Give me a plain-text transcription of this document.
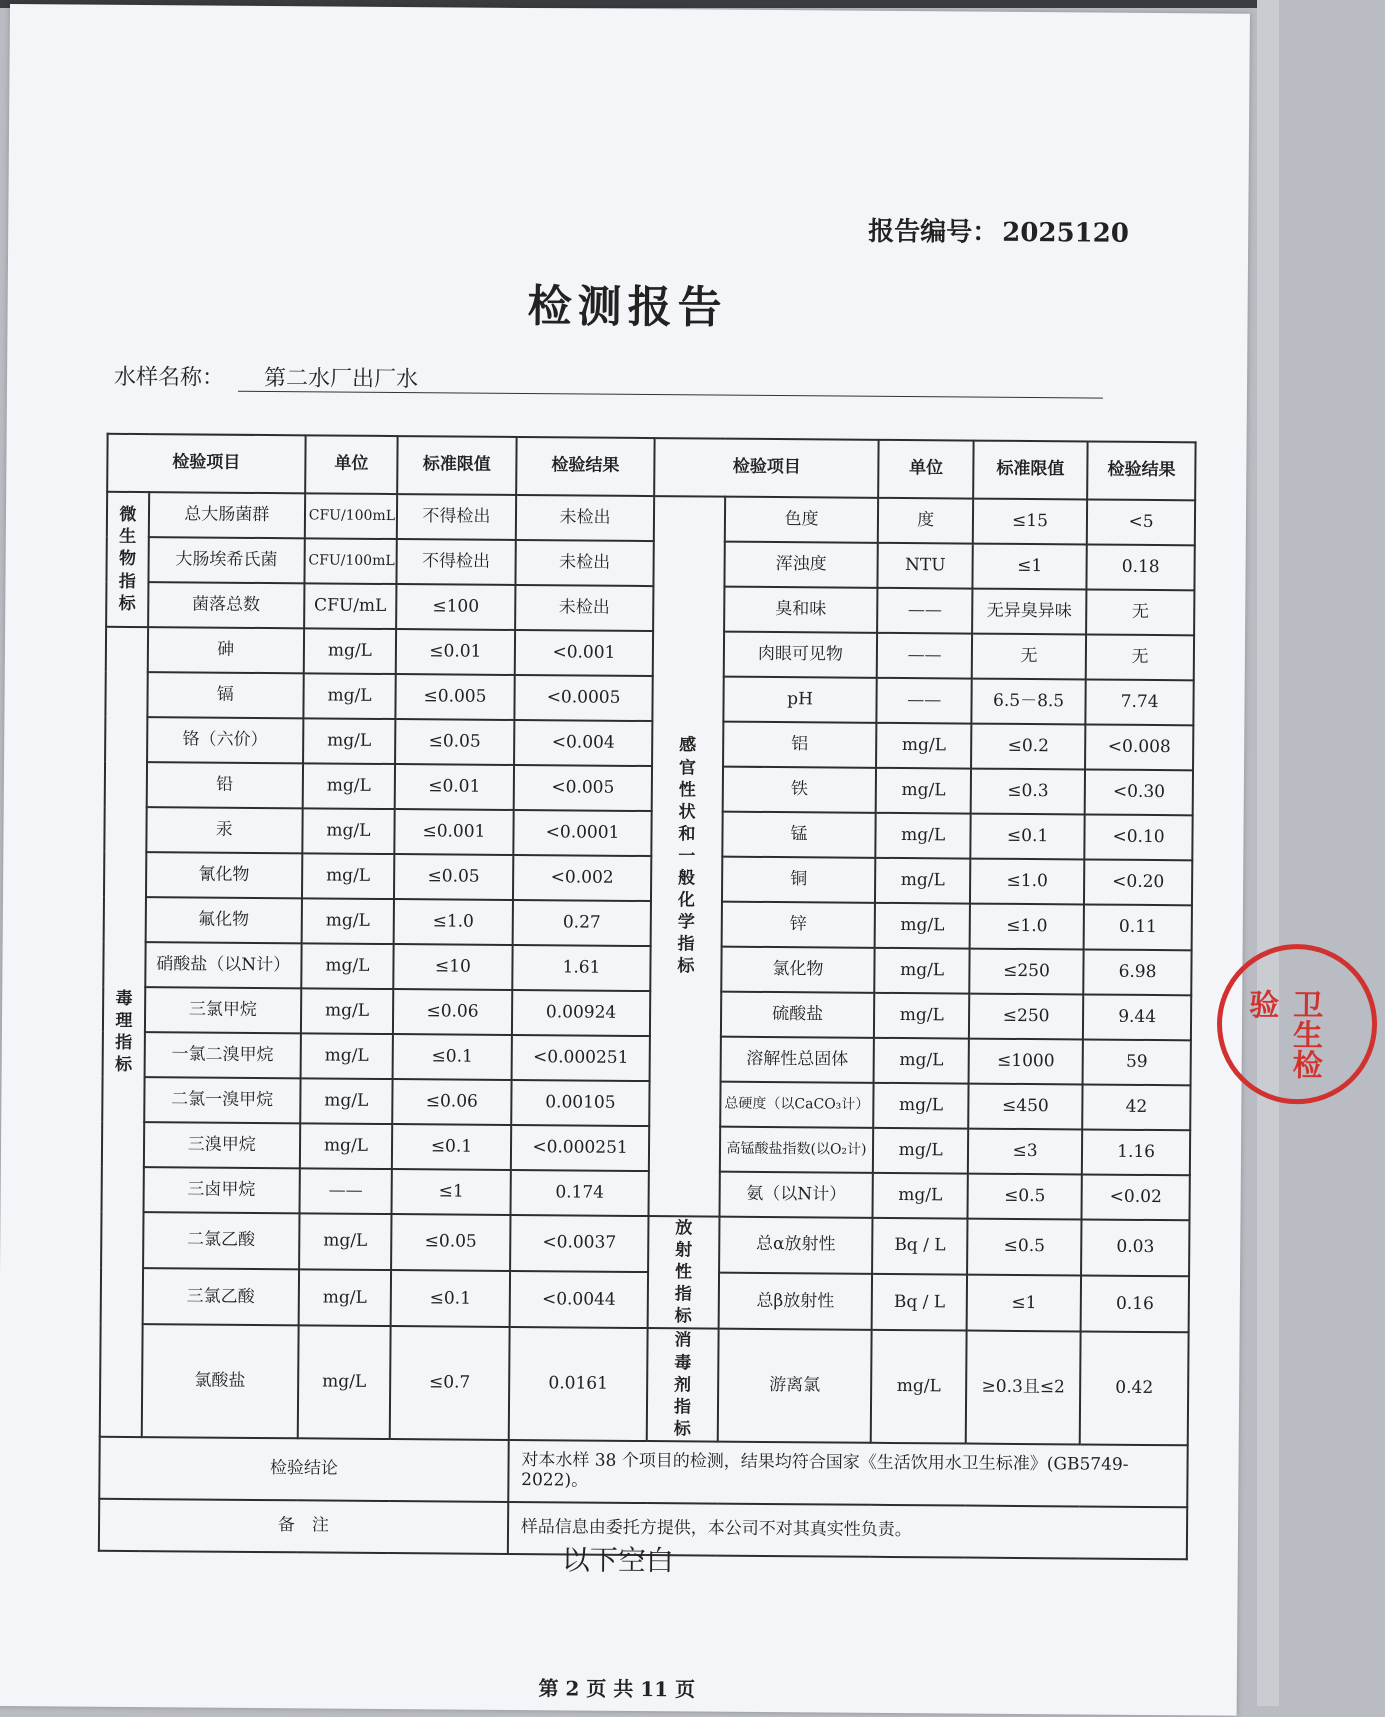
报告编号： 2025120
检测报告
水样名称： 第二水厂出厂水
检验项目		单位	标准限值	检验结果	检验项目		单位	标准限值	检验结果

微生物指标	总大肠菌群	CFU/100mL	不得检出	未检出	感官性状和一般化学指标	色度	度	≤15	<5
	大肠埃希氏菌	CFU/100mL	不得检出	未检出		浑浊度	NTU	≤1	0.18
	菌落总数	CFU/mL	≤100	未检出		臭和味	——	无异臭异味	无

毒理指标	砷	mg/L	≤0.01	<0.001		肉眼可见物	——	无	无
	镉	mg/L	≤0.005	<0.0005		pH	——	6.5－8.5	7.74
	铬（六价）	mg/L	≤0.05	<0.004		铝	mg/L	≤0.2	<0.008
	铅	mg/L	≤0.01	<0.005		铁	mg/L	≤0.3	<0.30
	汞	mg/L	≤0.001	<0.0001		锰	mg/L	≤0.1	<0.10
	氰化物	mg/L	≤0.05	<0.002		铜	mg/L	≤1.0	<0.20
	氟化物	mg/L	≤1.0	0.27		锌	mg/L	≤1.0	0.11
	硝酸盐（以N计）	mg/L	≤10	1.61		氯化物	mg/L	≤250	6.98
	三氯甲烷	mg/L	≤0.06	0.00924		硫酸盐	mg/L	≤250	9.44
	一氯二溴甲烷	mg/L	≤0.1	<0.000251		溶解性总固体	mg/L	≤1000	59
	二氯一溴甲烷	mg/L	≤0.06	0.00105		总硬度（以CaCO₃计）	mg/L	≤450	42
	三溴甲烷	mg/L	≤0.1	<0.000251		高锰酸盐指数(以O₂计)	mg/L	≤3	1.16
	三卤甲烷	——	≤1	0.174		氨（以N计）	mg/L	≤0.5	<0.02
	二氯乙酸	mg/L	≤0.05	<0.0037	放射性指标	总α放射性	Bq / L	≤0.5	0.03
	三氯乙酸	mg/L	≤0.1	<0.0044		总β放射性	Bq / L	≤1	0.16
	氯酸盐	mg/L	≤0.7	0.0161	消毒剂指标	游离氯	mg/L	≥0.3且≤2	0.42
检验结论				对本水样 38 个项目的检测，结果均符合国家《生活饮用水卫生标准》(GB5749-2022)。					
备　注				样品信息由委托方提供，本公司不对其真实性负责。					
以下空白
第 2 页 共 11 页
卫生检验
